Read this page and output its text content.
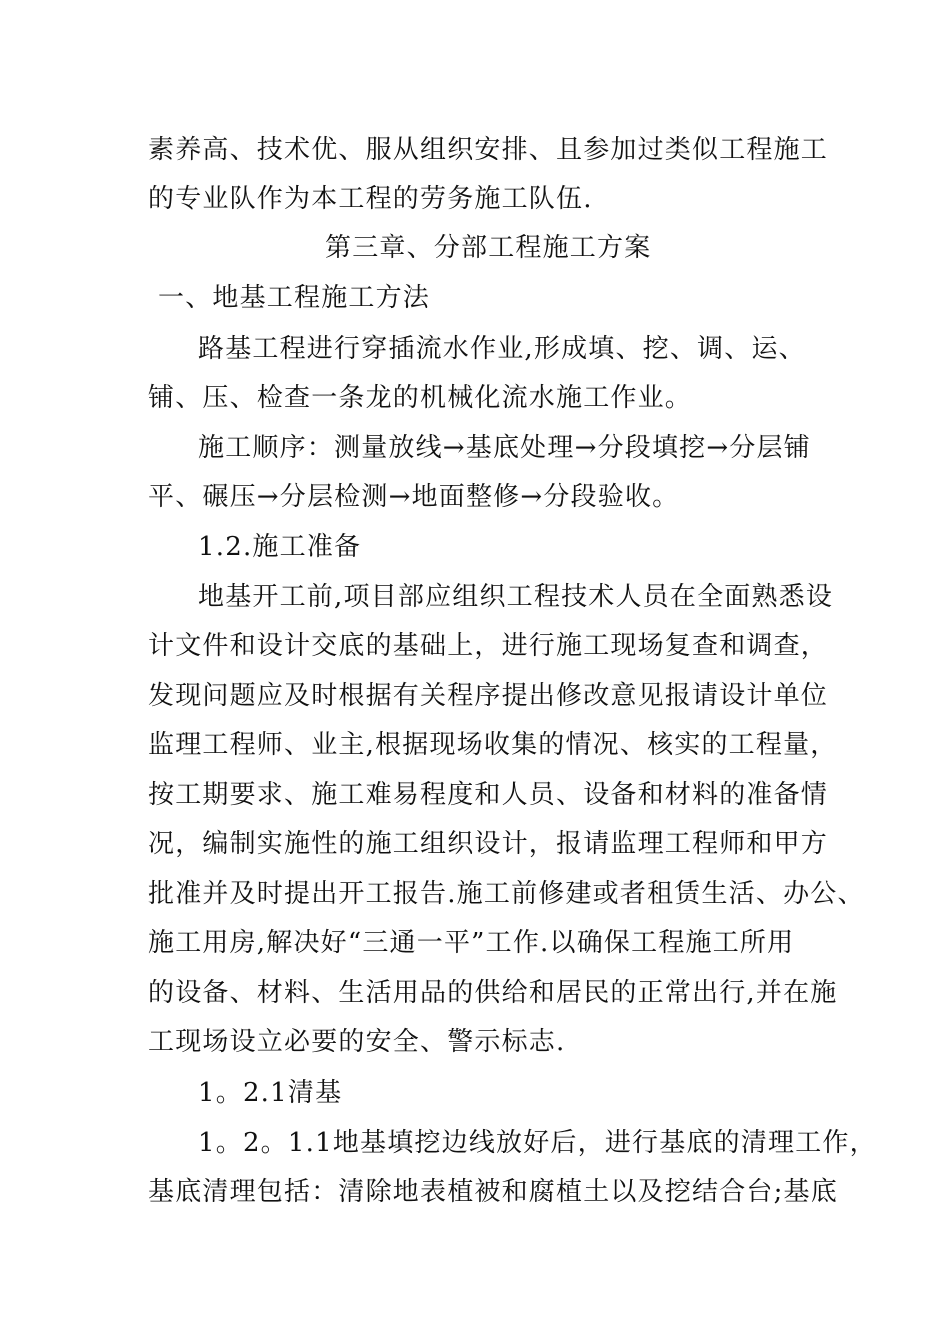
素养高、技术优、服从组织安排、且参加过类似工程施工
的专业队作为本工程的劳务施工队伍.
第三章、分部工程施工方案
一、地基工程施工方法
路基工程进行穿插流水作业,形成填、挖、调、运、
铺、压、检查一条龙的机械化流水施工作业。
施工顺序：测量放线→基底处理→分段填挖→分层铺
平、碾压→分层检测→地面整修→分段验收。
1.2.施工准备
地基开工前,项目部应组织工程技术人员在全面熟悉设
计文件和设计交底的基础上，进行施工现场复查和调查，
发现问题应及时根据有关程序提出修改意见报请设计单位
监理工程师、业主,根据现场收集的情况、核实的工程量，
按工期要求、施工难易程度和人员、设备和材料的准备情
况，编制实施性的施工组织设计，报请监理工程师和甲方
批准并及时提出开工报告.施工前修建或者租赁生活、办公、
施工用房,解决好“三通一平”工作.以确保工程施工所用
的设备、材料、生活用品的供给和居民的正常出行,并在施
工现场设立必要的安全、警示标志.
1。2.1清基
1。2。1.1地基填挖边线放好后，进行基底的清理工作，
基底清理包括：清除地表植被和腐植土以及挖结合台;基底
